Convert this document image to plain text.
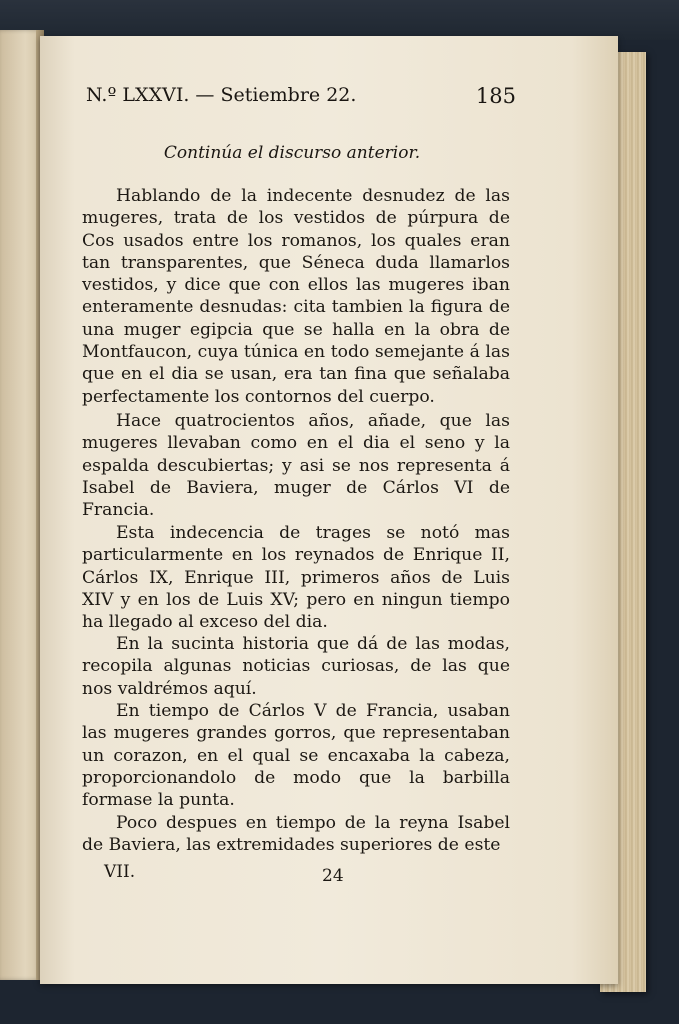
N.º LXXVI. — Setiembre 22.	185
Continúa el discurso anterior.

Hablando de la indecente desnudez de las mugeres, trata de los vestidos de púrpura de Cos usados entre los romanos, los quales eran tan transparentes, que Séneca duda llamarlos vestidos, y dice que con ellos las mugeres iban enteramente desnudas: cita tambien la figura de una muger egipcia que se halla en la obra de Montfaucon, cuya túnica en todo semejante á las que en el dia se usan, era tan fina que señalaba perfectamente los contornos del cuerpo.

Hace quatrocientos años, añade, que las mugeres llevaban como en el dia el seno y la espalda descubiertas; y asi se nos representa á Isabel de Baviera, muger de Cárlos VI de Francia.

Esta indecencia de trages se notó mas particularmente en los reynados de Enrique II, Cárlos IX, Enrique III, primeros años de Luis XIV y en los de Luis XV; pero en ningun tiempo ha llegado al exceso del dia.

En la sucinta historia que dá de las modas, recopila algunas noticias curiosas, de las que nos valdrémos aquí.

En tiempo de Cárlos V de Francia, usaban las mugeres grandes gorros, que representaban un corazon, en el qual se encaxaba la cabeza, proporcionandolo de modo que la barbilla formase la punta.

Poco despues en tiempo de la reyna Isabel de Baviera, las extremidades superiores de este

VII.	24
